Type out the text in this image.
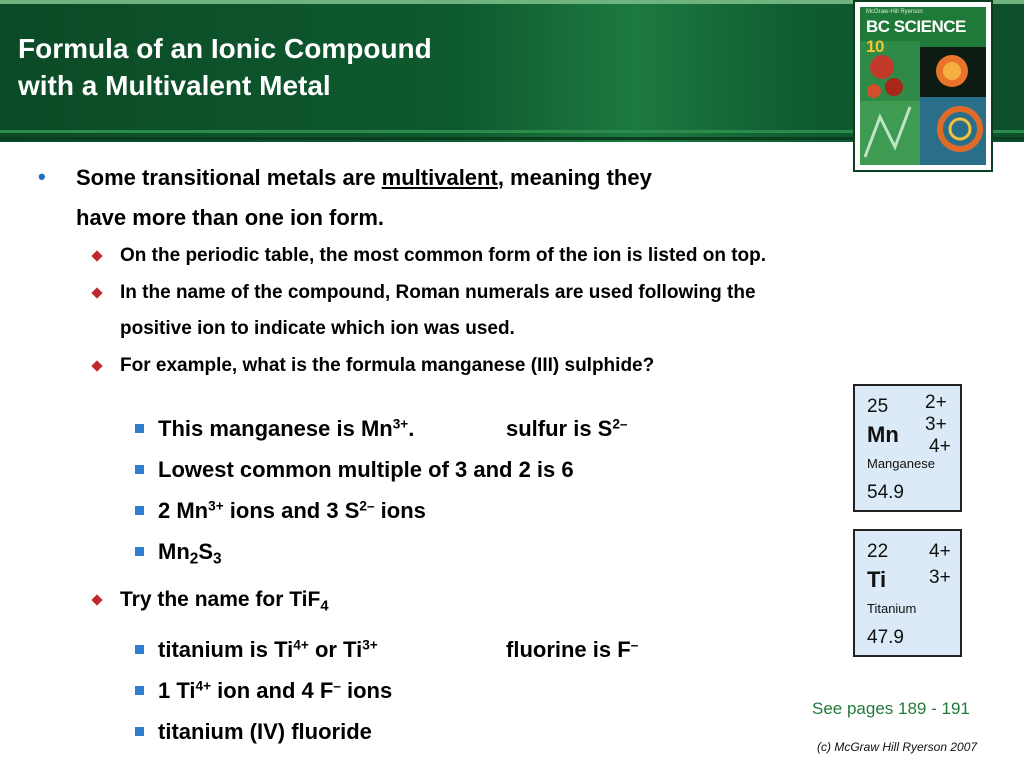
Formula of an Ionic Compound
with a Multivalent Metal
McGraw-Hill Ryerson
BC SCIENCE 10
• Some transitional metals are multivalent, meaning they
have more than one ion form.
On the periodic table, the most common form of the ion is listed on top.
In the name of the compound, Roman numerals are used following the
positive ion to indicate which ion was used.
For example, what is the formula manganese (III) sulphide?
This manganese is $Mn^{3+}$.	sulfur is $S^{2-}$
Lowest common multiple of 3 and 2 is 6
2 $Mn^{3+}$ ions and 3 $S^{2-}$ ions
$Mn_2S_3$
Try the name for TiF$_4$
titanium is $Ti^{4+}$ or $Ti^{3+}$	fluorine is F–
1 $Ti^{4+}$ ion and 4 F– ions
titanium (IV) fluoride
25 2+
3+
4+
Mn
Manganese
54.9
22 4+
3+
Ti
Titanium
47.9
See pages 189 - 191
(c) McGraw Hill Ryerson 2007
